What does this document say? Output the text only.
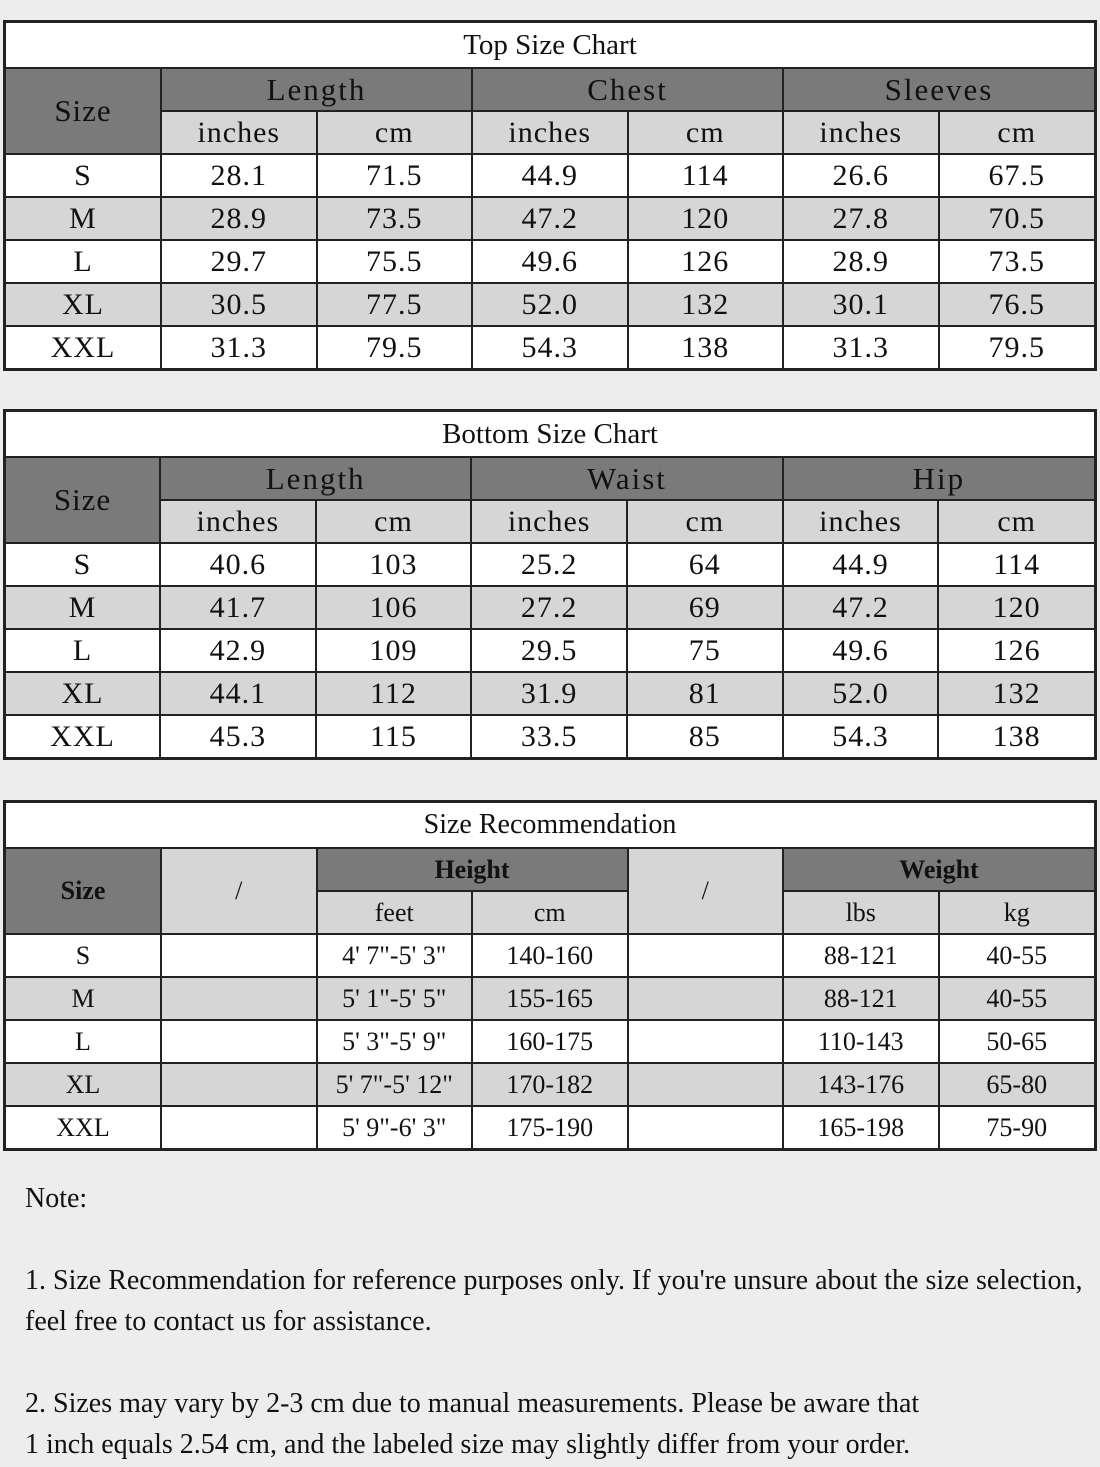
Top Size Chart						
Size	Length		Chest		Sleeves	
	inches	cm	inches	cm	inches	cm
S	28.1	71.5	44.9	114	26.6	67.5
M	28.9	73.5	47.2	120	27.8	70.5
L	29.7	75.5	49.6	126	28.9	73.5
XL	30.5	77.5	52.0	132	30.1	76.5
XXL	31.3	79.5	54.3	138	31.3	79.5
Bottom Size Chart						
Size	Length		Waist		Hip	
	inches	cm	inches	cm	inches	cm
S	40.6	103	25.2	64	44.9	114
M	41.7	106	27.2	69	47.2	120
L	42.9	109	29.5	75	49.6	126
XL	44.1	112	31.9	81	52.0	132
XXL	45.3	115	33.5	85	54.3	138
Size Recommendation						
Size	/	Height		/	Weight	
		feet	cm		lbs	kg
S		4' 7"-5' 3"	140-160		88-121	40-55
M		5' 1"-5' 5"	155-165		88-121	40-55
L		5' 3"-5' 9"	160-175		110-143	50-65
XL		5' 7"-5' 12"	170-182		143-176	65-80
XXL		5' 9"-6' 3"	175-190		165-198	75-90

Note:

1. Size Recommendation for reference purposes only. If you're unsure about the size selection, feel free to contact us for assistance.

2. Sizes may vary by 2-3 cm due to manual measurements. Please be aware that

1 inch equals 2.54 cm, and the labeled size may slightly differ from your order.
